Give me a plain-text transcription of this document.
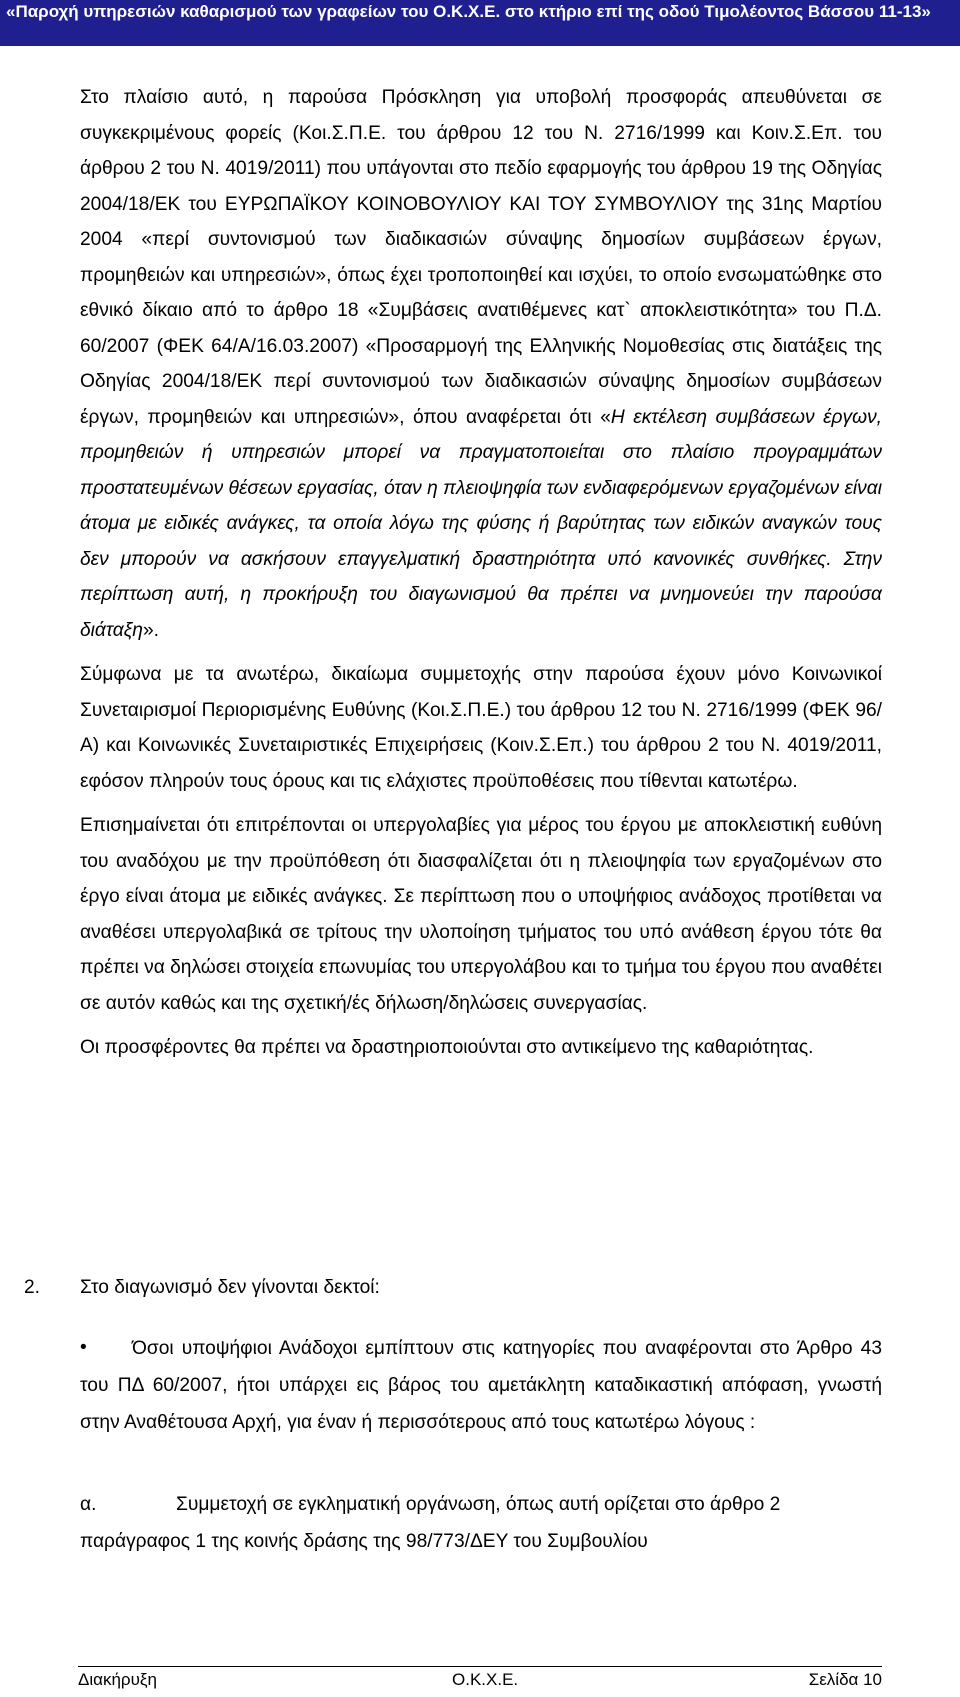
«Παροχή υπηρεσιών καθαρισμού των γραφείων του Ο.Κ.Χ.Ε. στο κτήριο επί της οδού Τιμολέοντος Βάσσου 11-13»

Στο πλαίσιο αυτό, η παρούσα Πρόσκληση για υποβολή προσφοράς απευθύνεται σε συγκεκριμένους φορείς (Κοι.Σ.Π.Ε. του άρθρου 12 του Ν. 2716/1999 και Κοιν.Σ.Επ. του άρθρου 2 του Ν. 4019/2011) που υπάγονται στο πεδίο εφαρμογής του άρθρου 19 της Οδηγίας 2004/18/ΕΚ του ΕΥΡΩΠΑΪΚΟΥ ΚΟΙΝΟΒΟΥΛΙΟΥ ΚΑΙ ΤΟΥ ΣΥΜΒΟΥΛΙΟΥ της 31ης Μαρτίου 2004 «περί συντονισμού των διαδικασιών σύναψης δημοσίων συμβάσεων έργων, προμηθειών και υπηρεσιών», όπως έχει τροποποιηθεί και ισχύει, το οποίο ενσωματώθηκε στο εθνικό δίκαιο από το άρθρο 18 «Συμβάσεις ανατιθέμενες κατ` αποκλειστικότητα» του Π.Δ. 60/2007 (ΦΕΚ 64/Α/16.03.2007) «Προσαρμογή της Ελληνικής Νομοθεσίας στις διατάξεις της Οδηγίας 2004/18/ΕΚ περί συντονισμού των διαδικασιών σύναψης δημοσίων συμβάσεων έργων, προμηθειών και υπηρεσιών», όπου αναφέρεται ότι «Η εκτέλεση συμβάσεων έργων, προμηθειών ή υπηρεσιών μπορεί να πραγματοποιείται στο πλαίσιο προγραμμάτων προστατευμένων θέσεων εργασίας, όταν η πλειοψηφία των ενδιαφερόμενων εργαζομένων είναι άτομα με ειδικές ανάγκες, τα οποία λόγω της φύσης ή βαρύτητας των ειδικών αναγκών τους δεν μπορούν να ασκήσουν επαγγελματική δραστηριότητα υπό κανονικές συνθήκες. Στην περίπτωση αυτή, η προκήρυξη του διαγωνισμού θα πρέπει να μνημονεύει την παρούσα διάταξη».

Σύμφωνα με τα ανωτέρω, δικαίωμα συμμετοχής στην παρούσα έχουν μόνο Κοινωνικοί Συνεταιρισμοί Περιορισμένης Ευθύνης (Κοι.Σ.Π.Ε.) του άρθρου 12 του Ν. 2716/1999 (ΦΕΚ 96/Α) και Κοινωνικές Συνεταιριστικές Επιχειρήσεις (Κοιν.Σ.Επ.) του άρθρου 2 του Ν. 4019/2011, εφόσον πληρούν τους όρους και τις ελάχιστες προϋποθέσεις που τίθενται κατωτέρω.

Επισημαίνεται ότι επιτρέπονται οι υπεργολαβίες για μέρος του έργου με αποκλειστική ευθύνη του αναδόχου με την προϋπόθεση ότι διασφαλίζεται ότι η πλειοψηφία των εργαζομένων στο έργο είναι άτομα με ειδικές ανάγκες. Σε περίπτωση που ο υποψήφιος ανάδοχος προτίθεται να αναθέσει υπεργολαβικά σε τρίτους την υλοποίηση τμήματος του υπό ανάθεση έργου τότε θα πρέπει να δηλώσει στοιχεία επωνυμίας του υπεργολάβου και το τμήμα του έργου που αναθέτει σε αυτόν καθώς και της σχετική/ές δήλωση/δηλώσεις συνεργασίας.

Οι προσφέροντες θα πρέπει να δραστηριοποιούνται στο αντικείμενο της καθαριότητας.

2. Στο διαγωνισμό δεν γίνονται δεκτοί:
•	Όσοι υποψήφιοι Ανάδοχοι εμπίπτουν στις κατηγορίες που αναφέρονται στο Άρθρο 43 του ΠΔ 60/2007, ήτοι υπάρχει εις βάρος του αμετάκλητη καταδικαστική απόφαση, γνωστή στην Αναθέτουσα Αρχή, για έναν ή περισσότερους από τους κατωτέρω λόγους :

α.	Συμμετοχή σε εγκληματική οργάνωση, όπως αυτή ορίζεται στο άρθρο 2 παράγραφος 1 της κοινής δράσης της 98/773/ΔΕΥ του Συμβουλίου

Διακήρυξη	Ο.Κ.Χ.Ε.	Σελίδα 10
